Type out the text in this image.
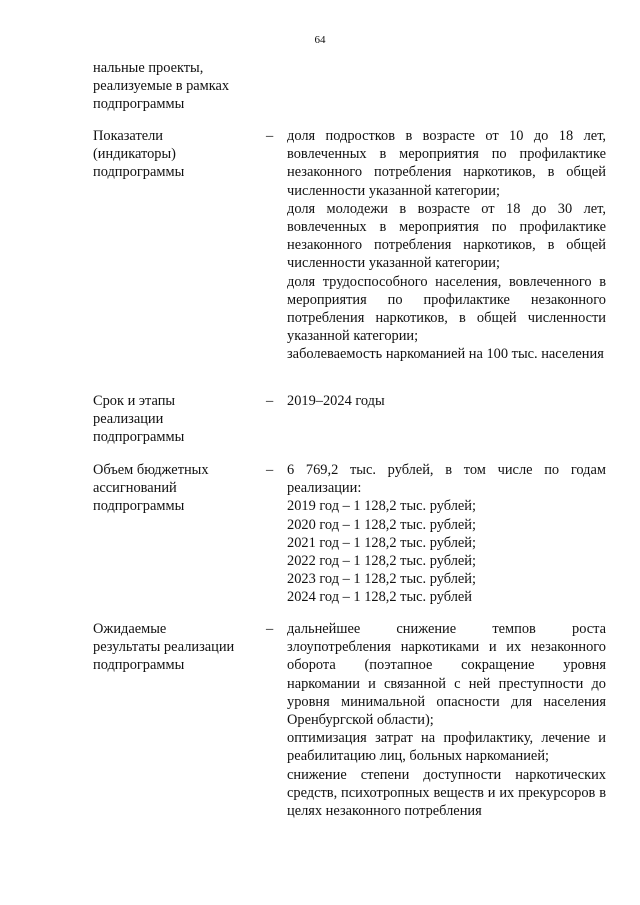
64
нальные проекты,
реализуемые в рамках
подпрограммы
Показатели
(индикаторы)
подпрограммы
– доля подростков в возрасте от 10 до 18 лет, вовлеченных в мероприятия по профилактике незаконного потребления наркотиков, в общей численности указанной категории;

доля молодежи в возрасте от 18 до 30 лет, вовлеченных в мероприятия по профилактике незаконного потребления наркотиков, в общей численности указанной категории;

доля трудоспособного населения, вовлеченного в мероприятия по профилактике незаконного потребления наркотиков, в общей численности указанной категории;

заболеваемость наркоманией на 100 тыс. населения

Срок и этапы
реализации
подпрограммы
– 2019–2024 годы

Объем бюджетных
ассигнований
подпрограммы
– 6 769,2 тыс. рублей, в том числе по годам реализации:

2019 год – 1 128,2 тыс. рублей;

2020 год – 1 128,2 тыс. рублей;

2021 год – 1 128,2 тыс. рублей;

2022 год – 1 128,2 тыс. рублей;

2023 год – 1 128,2 тыс. рублей;

2024 год – 1 128,2 тыс. рублей

Ожидаемые
результаты реализации
подпрограммы
– дальнейшее снижение темпов роста злоупотребления наркотиками и их незаконного оборота (поэтапное сокращение уровня наркомании и связанной с ней преступности до уровня минимальной опасности для населения Оренбургской области);

оптимизация затрат на профилактику, лечение и реабилитацию лиц, больных наркоманией;

снижение степени доступности наркотических средств, психотропных веществ и их прекурсоров в целях незаконного потребления
